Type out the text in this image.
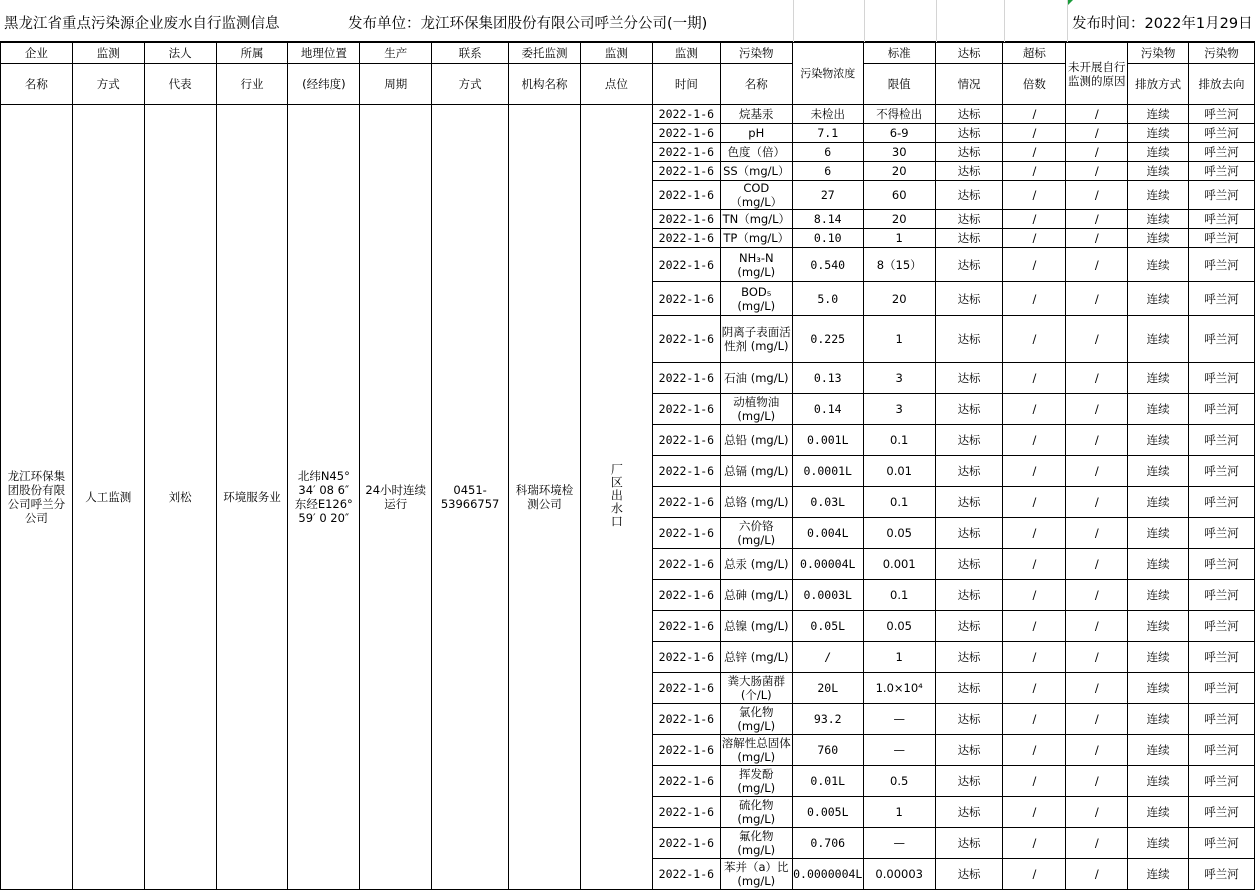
黑龙江省重点污染源企业废水自行监测信息	发布单位：龙江环保集团股份有限公司呼兰分公司(一期)	发布时间：2022年1月29日
企业	监测	法人	所属	地理位置	生产	联系	委托监测	监测	监测	污染物	污染物浓度	标准	达标	超标	未开展自行监测的原因	污染物	污染物
名称	方式	代表	行业	(经纬度)	周期	方式	机构名称	点位	时间	名称		限值	情况	倍数		排放方式	排放去向
龙江环保集团股份有限公司呼兰分公司	人工监测	刘松	环境服务业	北纬N45° 34′ 08 6″ 东经E126° 59′ 0 20″	24小时连续运行	0451-53966757	科瑞环境检测公司	厂区出水口	2022-1-6	烷基汞	未检出	不得检出	达标	/	/	连续	呼兰河
									2022-1-6	pH	7.1	6-9	达标	/	/	连续	呼兰河
									2022-1-6	色度（倍）	6	30	达标	/	/	连续	呼兰河
									2022-1-6	SS（mg/L）	6	20	达标	/	/	连续	呼兰河
									2022-1-6	COD（mg/L）	27	60	达标	/	/	连续	呼兰河
									2022-1-6	TN（mg/L）	8.14	20	达标	/	/	连续	呼兰河
									2022-1-6	TP（mg/L）	0.10	1	达标	/	/	连续	呼兰河
									2022-1-6	NH₃-N (mg/L)	0.540	8（15）	达标	/	/	连续	呼兰河
									2022-1-6	BOD₅ (mg/L)	5.0	20	达标	/	/	连续	呼兰河
									2022-1-6	阴离子表面活性剂 (mg/L)	0.225	1	达标	/	/	连续	呼兰河
									2022-1-6	石油 (mg/L)	0.13	3	达标	/	/	连续	呼兰河
									2022-1-6	动植物油 (mg/L)	0.14	3	达标	/	/	连续	呼兰河
									2022-1-6	总铅 (mg/L)	0.001L	0.1	达标	/	/	连续	呼兰河
									2022-1-6	总镉 (mg/L)	0.0001L	0.01	达标	/	/	连续	呼兰河
									2022-1-6	总铬 (mg/L)	0.03L	0.1	达标	/	/	连续	呼兰河
									2022-1-6	六价铬 (mg/L)	0.004L	0.05	达标	/	/	连续	呼兰河
									2022-1-6	总汞 (mg/L)	0.00004L	0.001	达标	/	/	连续	呼兰河
									2022-1-6	总砷 (mg/L)	0.0003L	0.1	达标	/	/	连续	呼兰河
									2022-1-6	总镍 (mg/L)	0.05L	0.05	达标	/	/	连续	呼兰河
									2022-1-6	总锌 (mg/L)	/	1	达标	/	/	连续	呼兰河
									2022-1-6	粪大肠菌群 (个/L)	20L	1.0×10⁴	达标	/	/	连续	呼兰河
									2022-1-6	氯化物 (mg/L)	93.2	—	达标	/	/	连续	呼兰河
									2022-1-6	溶解性总固体 (mg/L)	760	—	达标	/	/	连续	呼兰河
									2022-1-6	挥发酚 (mg/L)	0.01L	0.5	达标	/	/	连续	呼兰河
									2022-1-6	硫化物 (mg/L)	0.005L	1	达标	/	/	连续	呼兰河
									2022-1-6	氟化物 (mg/L)	0.706	—	达标	/	/	连续	呼兰河
									2022-1-6	苯并（a）比 (mg/L)	0.0000004L	0.00003	达标	/	/	连续	呼兰河
